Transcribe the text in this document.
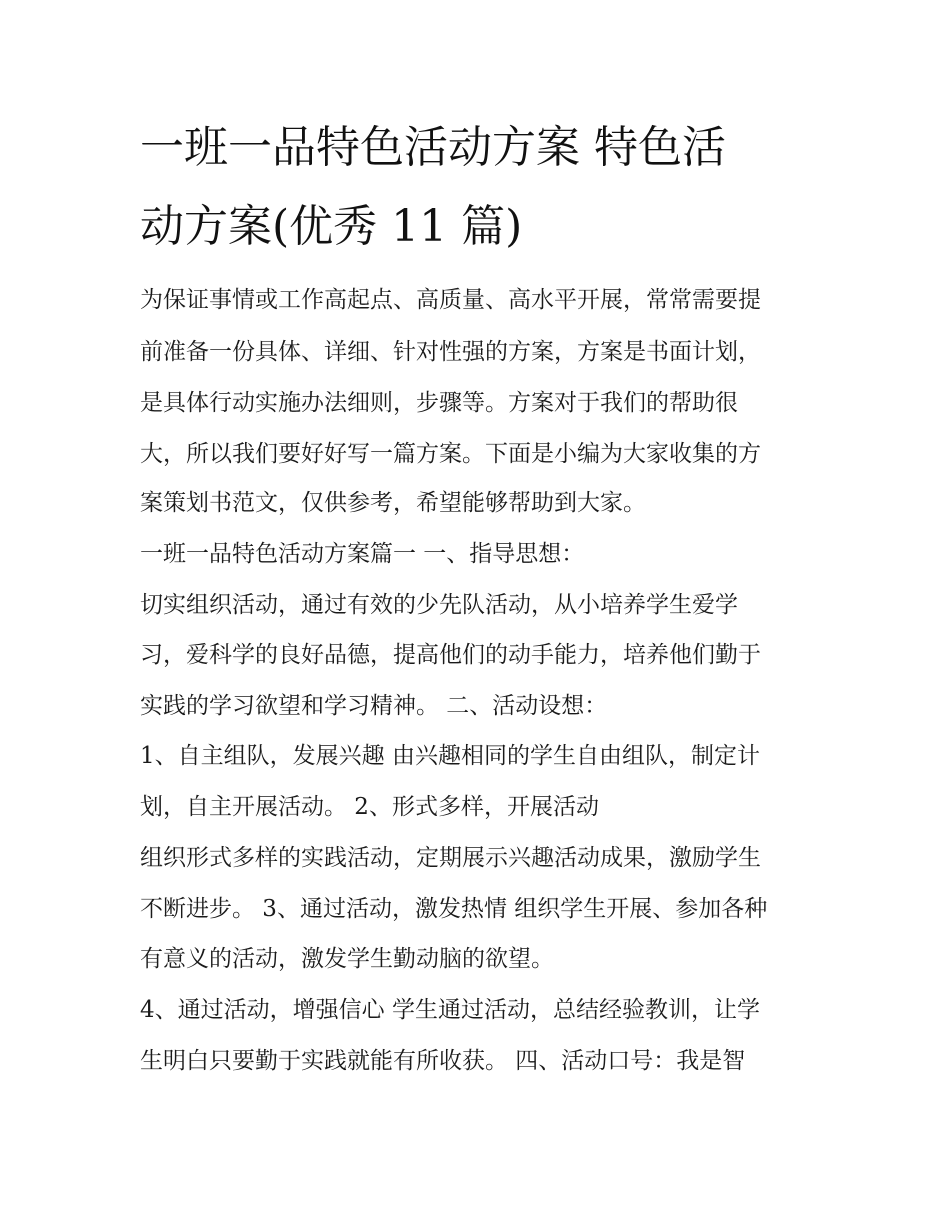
一班一品特色活动方案 特色活
动方案(优秀 11 篇)
为保证事情或工作高起点、高质量、高水平开展，常常需要提
前准备一份具体、详细、针对性强的方案，方案是书面计划，
是具体行动实施办法细则，步骤等。方案对于我们的帮助很
大，所以我们要好好写一篇方案。下面是小编为大家收集的方
案策划书范文，仅供参考，希望能够帮助到大家。
一班一品特色活动方案篇一 一、指导思想：
切实组织活动，通过有效的少先队活动，从小培养学生爱学
习，爱科学的良好品德，提高他们的动手能力，培养他们勤于
实践的学习欲望和学习精神。 二、活动设想：
1、自主组队，发展兴趣 由兴趣相同的学生自由组队，制定计
划，自主开展活动。 2、形式多样，开展活动
组织形式多样的实践活动，定期展示兴趣活动成果，激励学生
不断进步。 3、通过活动，激发热情 组织学生开展、参加各种
有意义的活动，激发学生勤动脑的欲望。
4、通过活动，增强信心 学生通过活动，总结经验教训，让学
生明白只要勤于实践就能有所收获。 四、活动口号：我是智
